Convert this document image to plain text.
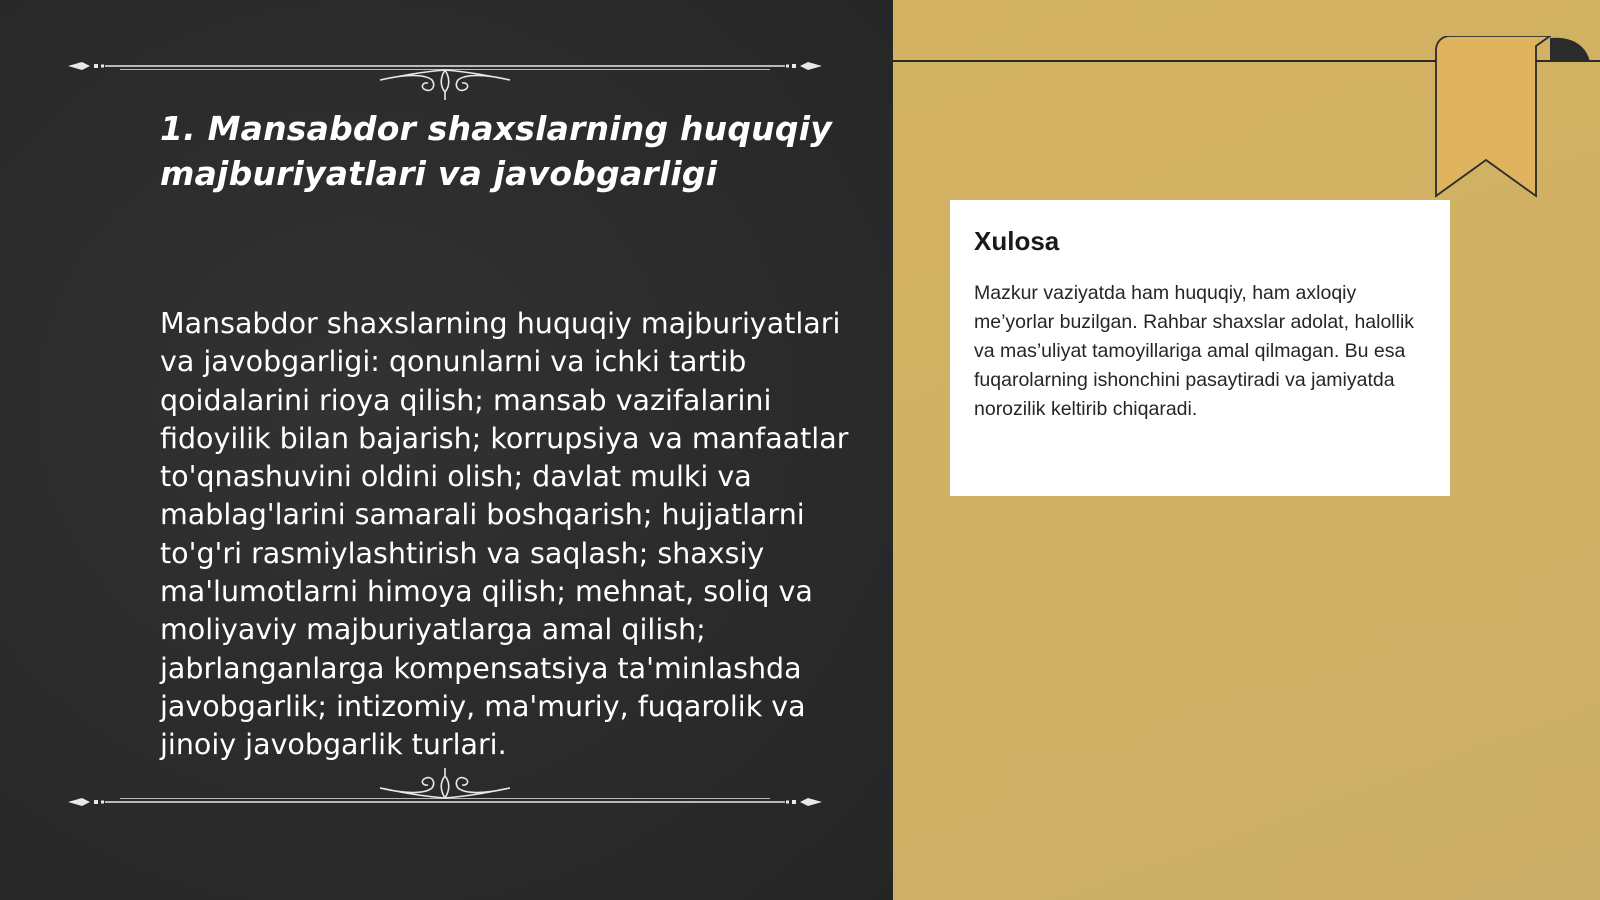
1. Mansabdor shaxslarning huquqiy majburiyatlari va javobgarligi

Mansabdor shaxslarning huquqiy majburiyatlari va javobgarligi: qonunlarni va ichki tartib qoidalarini rioya qilish; mansab vazifalarini fidoyilik bilan bajarish; korrupsiya va manfaatlar to'qnashuvini oldini olish; davlat mulki va mablag'larini samarali boshqarish; hujjatlarni to'g'ri rasmiylashtirish va saqlash; shaxsiy ma'lumotlarni himoya qilish; mehnat, soliq va moliyaviy majburiyatlarga amal qilish; jabrlanganlarga kompensatsiya ta'minlashda javobgarlik; intizomiy, ma'muriy, fuqarolik va jinoiy javobgarlik turlari.

Xulosa

Mazkur vaziyatda ham huquqiy, ham axloqiy me’yorlar buzilgan. Rahbar shaxslar adolat, halollik va mas’uliyat tamoyillariga amal qilmagan. Bu esa fuqarolarning ishonchini pasaytiradi va jamiyatda norozilik keltirib chiqaradi.
